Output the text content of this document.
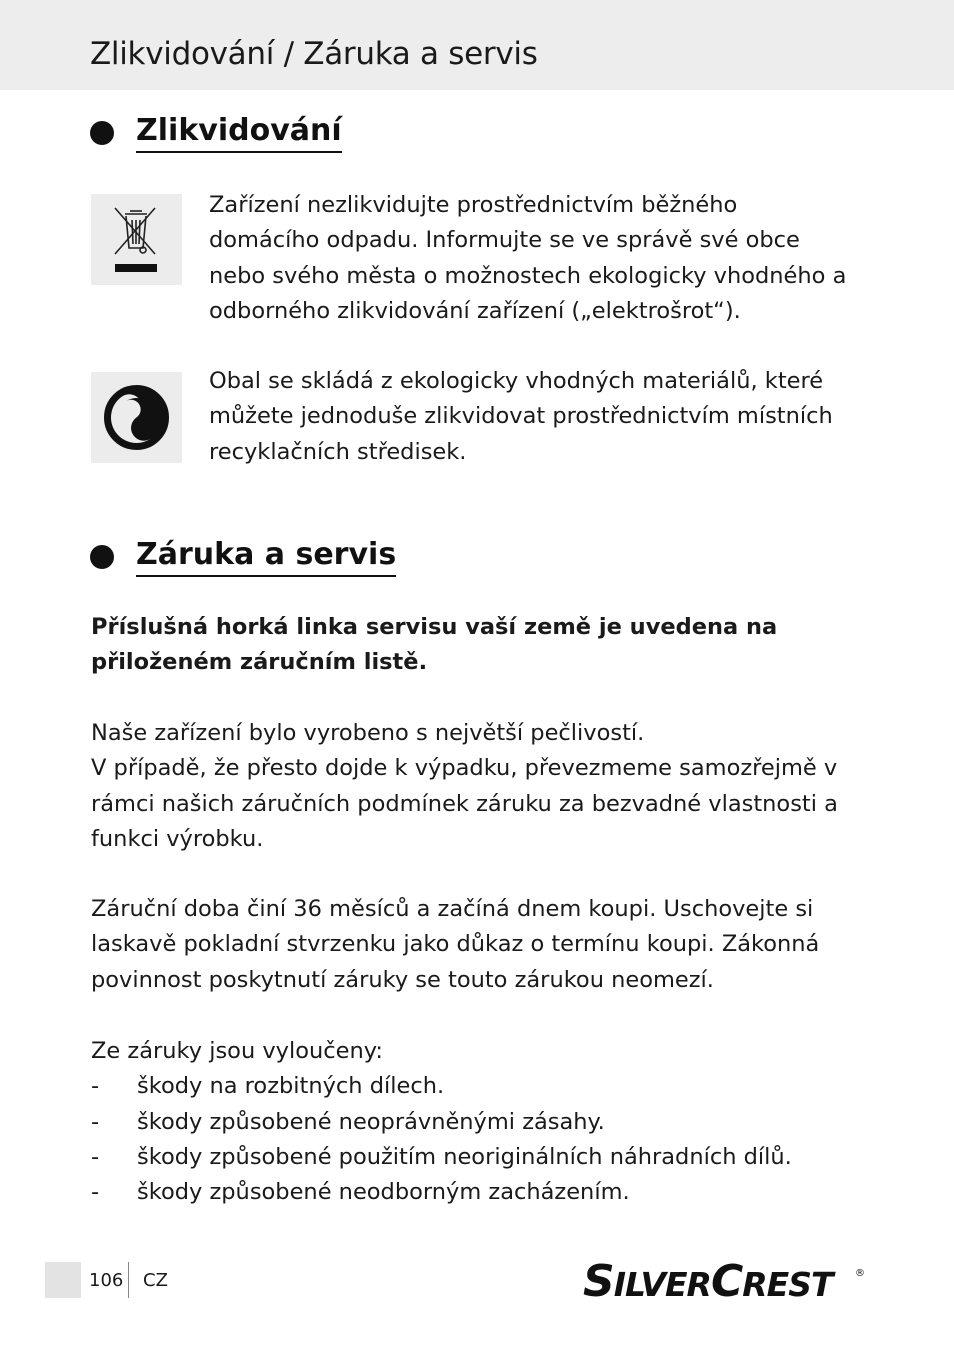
Zlikvidování / Záruka a servis
Zlikvidování

Zařízení nezlikvidujte prostřednictvím běžného domácího odpadu. Informujte se ve správě své obce nebo svého města o možnostech ekologicky vhodného a odborného zlikvidování zařízení („elektrošrot“).

Obal se skládá z ekologicky vhodných materiálů, které můžete jednoduše zlikvidovat prostřednictvím místních recyklačních středisek.

Záruka a servis

Příslušná horká linka servisu vaší země je uvedena na přiloženém záručním listě.

Naše zařízení bylo vyrobeno s největší pečlivostí.

V případě, že přesto dojde k výpadku, převezmeme samozřejmě v rámci našich záručních podmínek záruku za bezvadné vlastnosti a funkci výrobku.

Záruční doba činí 36 měsíců a začíná dnem koupi. Uschovejte si laskavě pokladní stvrzenku jako důkaz o termínu koupi. Zákonná povinnost poskytnutí záruky se touto zárukou neomezí.

Ze záruky jsou vyloučeny:

-	škody na rozbitných dílech.
-	škody způsobené neoprávněnými zásahy.
-	škody způsobené použitím neoriginálních náhradních dílů.
-	škody způsobené neodborným zacházením.
106 CZ	SILVERCREST ®
